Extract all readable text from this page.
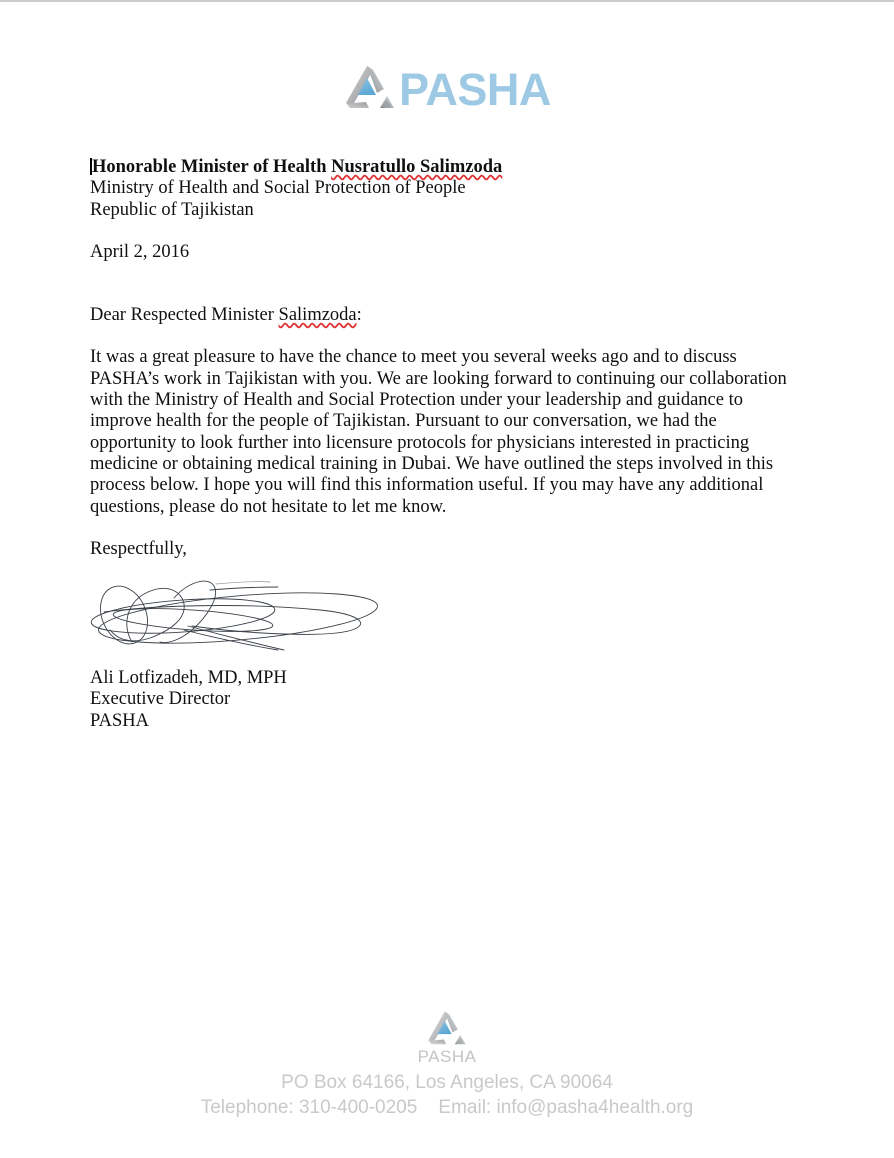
PASHA
Honorable Minister of Health Nusratullo Salimzoda
Ministry of Health and Social Protection of People
Republic of Tajikistan
April 2, 2016
Dear Respected Minister Salimzoda:
It was a great pleasure to have the chance to meet you several weeks ago and to discuss PASHA’s work in Tajikistan with you. We are looking forward to continuing our collaboration with the Ministry of Health and Social Protection under your leadership and guidance to improve health for the people of Tajikistan. Pursuant to our conversation, we had the opportunity to look further into licensure protocols for physicians interested in practicing medicine or obtaining medical training in Dubai. We have outlined the steps involved in this process below. I hope you will find this information useful. If you may have any additional questions, please do not hesitate to let me know.
Respectfully,
Ali Lotfizadeh, MD, MPH
Executive Director
PASHA
PASHA
PO Box 64166, Los Angeles, CA 90064
Telephone: 310-400-0205    Email: info@pasha4health.org
